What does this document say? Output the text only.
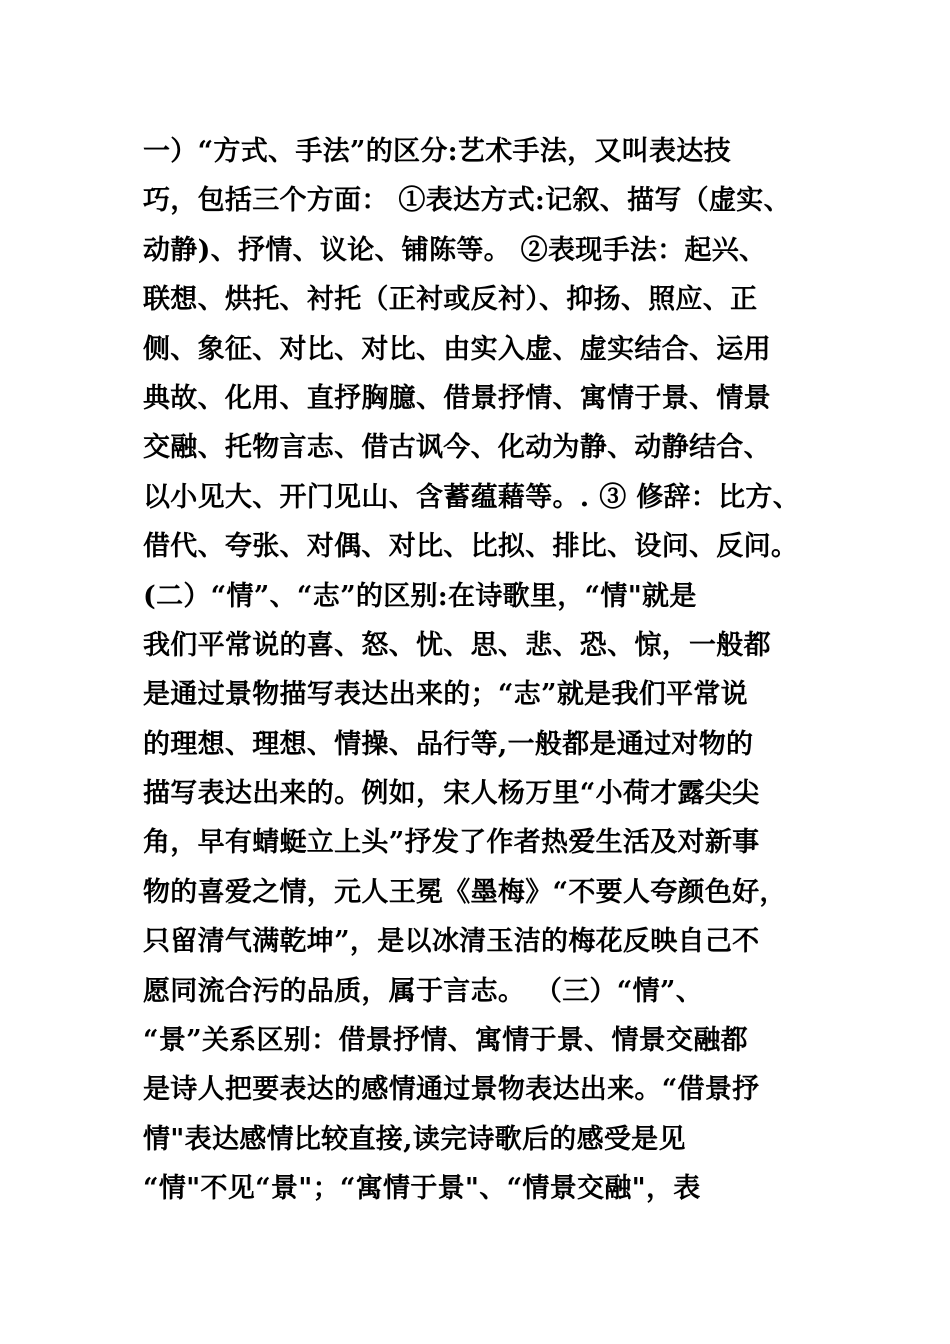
一）“方式、手法”的区分:艺术手法，又叫表达技
巧，包括三个方面： ①表达方式:记叙、描写（虚实、
动静)、抒情、议论、铺陈等。 ②表现手法：起兴、
联想、烘托、衬托（正衬或反衬）、抑扬、照应、正
侧、象征、对比、对比、由实入虚、虚实结合、运用
典故、化用、直抒胸臆、借景抒情、寓情于景、情景
交融、托物言志、借古讽今、化动为静、动静结合、
以小见大、开门见山、含蓄蕴藉等。. ③ 修辞：比方、
借代、夸张、对偶、对比、比拟、排比、设问、反问。
(二）“情”、“志”的区别:在诗歌里，“情"就是
我们平常说的喜、怒、忧、思、悲、恐、惊，一般都
是通过景物描写表达出来的；“志”就是我们平常说
的理想、理想、情操、品行等,一般都是通过对物的
描写表达出来的。例如，宋人杨万里“小荷才露尖尖
角，早有蜻蜓立上头”抒发了作者热爱生活及对新事
物的喜爱之情，元人王冕《墨梅》“不要人夸颜色好，
只留清气满乾坤”，是以冰清玉洁的梅花反映自己不
愿同流合污的品质，属于言志。 （三）“情”、
“景”关系区别：借景抒情、寓情于景、情景交融都
是诗人把要表达的感情通过景物表达出来。“借景抒
情"表达感情比较直接,读完诗歌后的感受是见
“情"不见“景"；“寓情于景"、“情景交融"，表
